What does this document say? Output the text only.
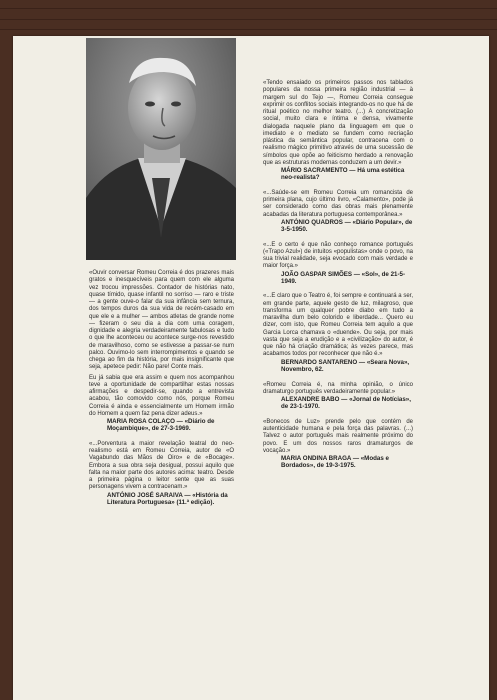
«Ouvir conversar Romeu Correia é dos prazeres mais gratos e inesquecíveis para quem com ele alguma vez trocou impressões. Contador de histórias nato, quase tímido, quase infantil no sorriso — raro e triste — a gente ouve-o falar da sua infância sem ternura, dos tempos duros da sua vida de recém-casado em que ele e a mulher — ambos atletas de grande nome — fizeram o seu dia a dia com uma coragem, dignidade e alegria verdadeiramente fabulosas e tudo o que lhe aconteceu ou acontece surge-nos revestido de maravilhoso, como se estivesse a passar-se num palco. Ouvimo-lo sem interrompimentos e quando se chega ao fim da história, por mais insignificante que seja, apetece pedir: Não pare! Conte mais.

Eu já sabia que era assim e quem nos acompanhou teve a oportunidade de compartilhar estas nossas afirmações e despedir-se, quando a entrevista acabou, tão comovido como nós, porque Romeu Correia é ainda e essencialmente um Homem irmão do Homem a quem faz pena dizer adeus.»

MARIA ROSA COLAÇO — «Diário de Moçambique», de 27-3-1969.

«...Porventura a maior revelação teatral do neo-realismo está em Romeu Correia, autor de «O Vagabundo das Mãos de Oiro» e de «Bocage». Embora a sua obra seja desigual, possui aquilo que falta na maior parte dos autores acima: teatro. Desde a primeira página o leitor sente que as suas personagens vivem a contracenam.»

ANTÓNIO JOSÉ SARAIVA — «História da Literatura Portuguesa» (11.ª edição).

«Tendo ensaiado os primeiros passos nos tablados populares da nossa primeira região industrial — à margem sul do Tejo —, Romeu Correia consegue exprimir os conflitos sociais integrando-os no que há de ritual poético no melhor teatro. (...) A concretização social, muito clara e íntima e densa, vivamente dialogada naquele plano da linguagem em que o imediato e o mediato se fundem como recriação plástica da semântica popular, contracena com o realismo mágico primitivo através de uma sucessão de símbolos que opõe ao feiticismo herdado a renovação que as estruturas modernas conduzem a um devir.»

MÁRIO SACRAMENTO — Há uma estética neo-realista?

«...Saúde-se em Romeu Correia um romancista de primeira plana, cujo último livro, «Calamento», pode já ser considerado como das obras mais plenamente acabadas da literatura portuguesa contemporânea.»

ANTÓNIO QUADROS — «Diário Popular», de 3-5-1950.

«...E o certo é que não conheço romance português («Trapo Azul») de intuitos «populistas» onde o povo, na sua trivial realidade, seja evocado com mais verdade e maior força.»

JOÃO GASPAR SIMÕES — «Sol», de 21-5-1949.

«...E claro que o Teatro é, foi sempre e continuará a ser, em grande parte, aquele gesto de luz, milagroso, que transforma um qualquer pobre diabo em tudo a maravilha dum belo colorido e liberdade... Quero eu dizer, com isto, que Romeu Correia tem aquilo a que Garcia Lorca chamava o «duende». Ou seja, por mais vasta que seja a erudição e a «civilização» do autor, é que não há criação dramática; às vezes parece, mas acabamos todos por reconhecer que não é.»

BERNARDO SANTARENO — «Seara Nova», Novembro, 62.

«Romeu Correia é, na minha opinião, o único dramaturgo português verdadeiramente popular.»

ALEXANDRE BABO — «Jornal de Notícias», de 23-1-1970.

«Bonecos de Luz» prende pelo que contém de autenticidade humana e pela força das palavras. (...) Talvez o autor português mais realmente próximo do povo. E um dos nossos raros dramaturgos de vocação.»

MARIA ONDINA BRAGA — «Modas e Bordados», de 19-3-1975.
